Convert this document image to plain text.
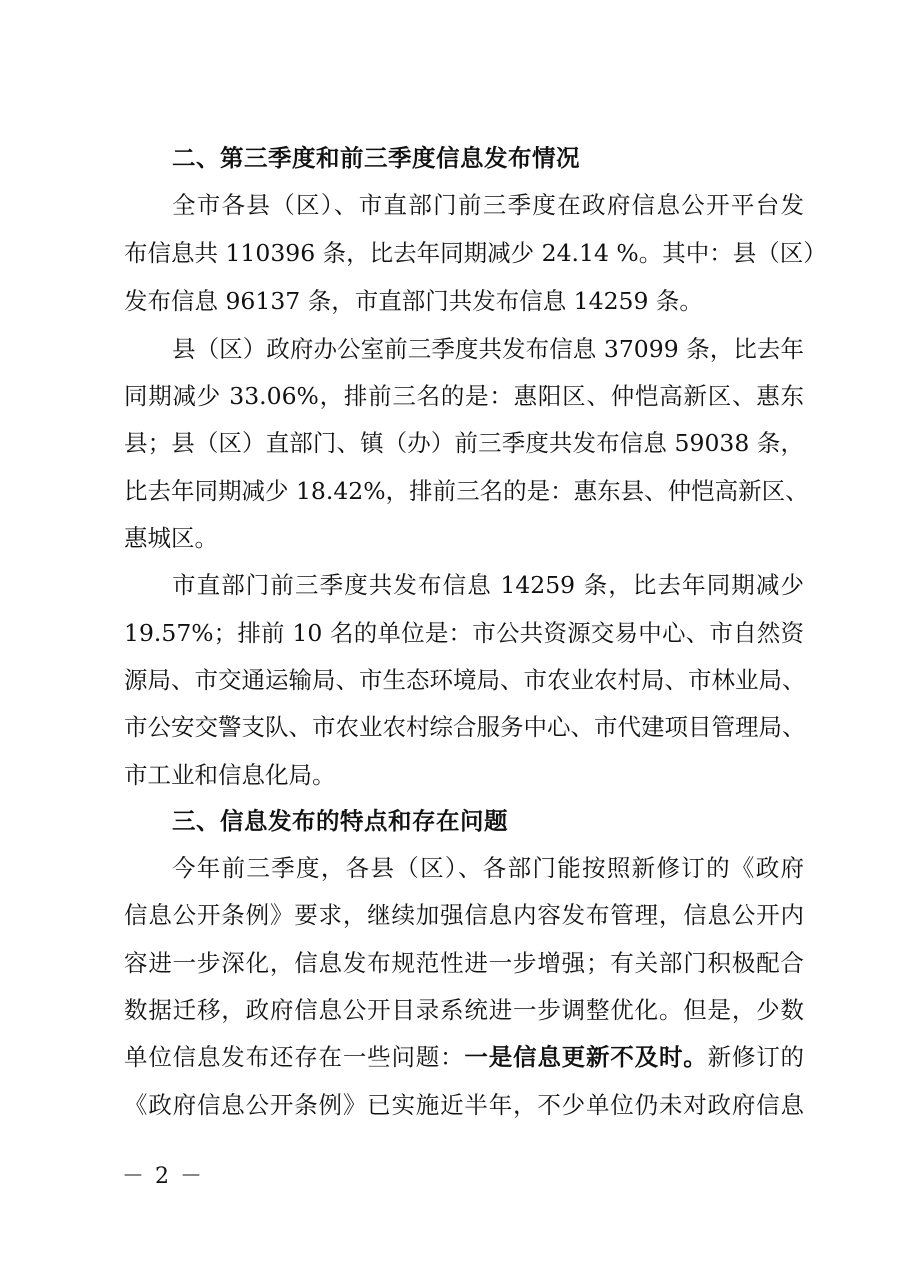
二、第三季度和前三季度信息发布情况
全市各县（区）、市直部门前三季度在政府信息公开平台发
布信息共 110396 条，比去年同期减少 24.14 %。其中：县（区）
发布信息 96137 条，市直部门共发布信息 14259 条。
县（区）政府办公室前三季度共发布信息 37099 条，比去年
同期减少 33.06%，排前三名的是：惠阳区、仲恺高新区、惠东
县；县（区）直部门、镇（办）前三季度共发布信息 59038 条，
比去年同期减少 18.42%，排前三名的是：惠东县、仲恺高新区、
惠城区。
市直部门前三季度共发布信息 14259 条，比去年同期减少
19.57%；排前 10 名的单位是：市公共资源交易中心、市自然资
源局、市交通运输局、市生态环境局、市农业农村局、市林业局、
市公安交警支队、市农业农村综合服务中心、市代建项目管理局、
市工业和信息化局。
三、信息发布的特点和存在问题
今年前三季度，各县（区）、各部门能按照新修订的《政府
信息公开条例》要求，继续加强信息内容发布管理，信息公开内
容进一步深化，信息发布规范性进一步增强；有关部门积极配合
数据迁移，政府信息公开目录系统进一步调整优化。但是，少数
单位信息发布还存在一些问题：一是信息更新不及时。新修订的
《政府信息公开条例》已实施近半年，不少单位仍未对政府信息
－ 2 －
